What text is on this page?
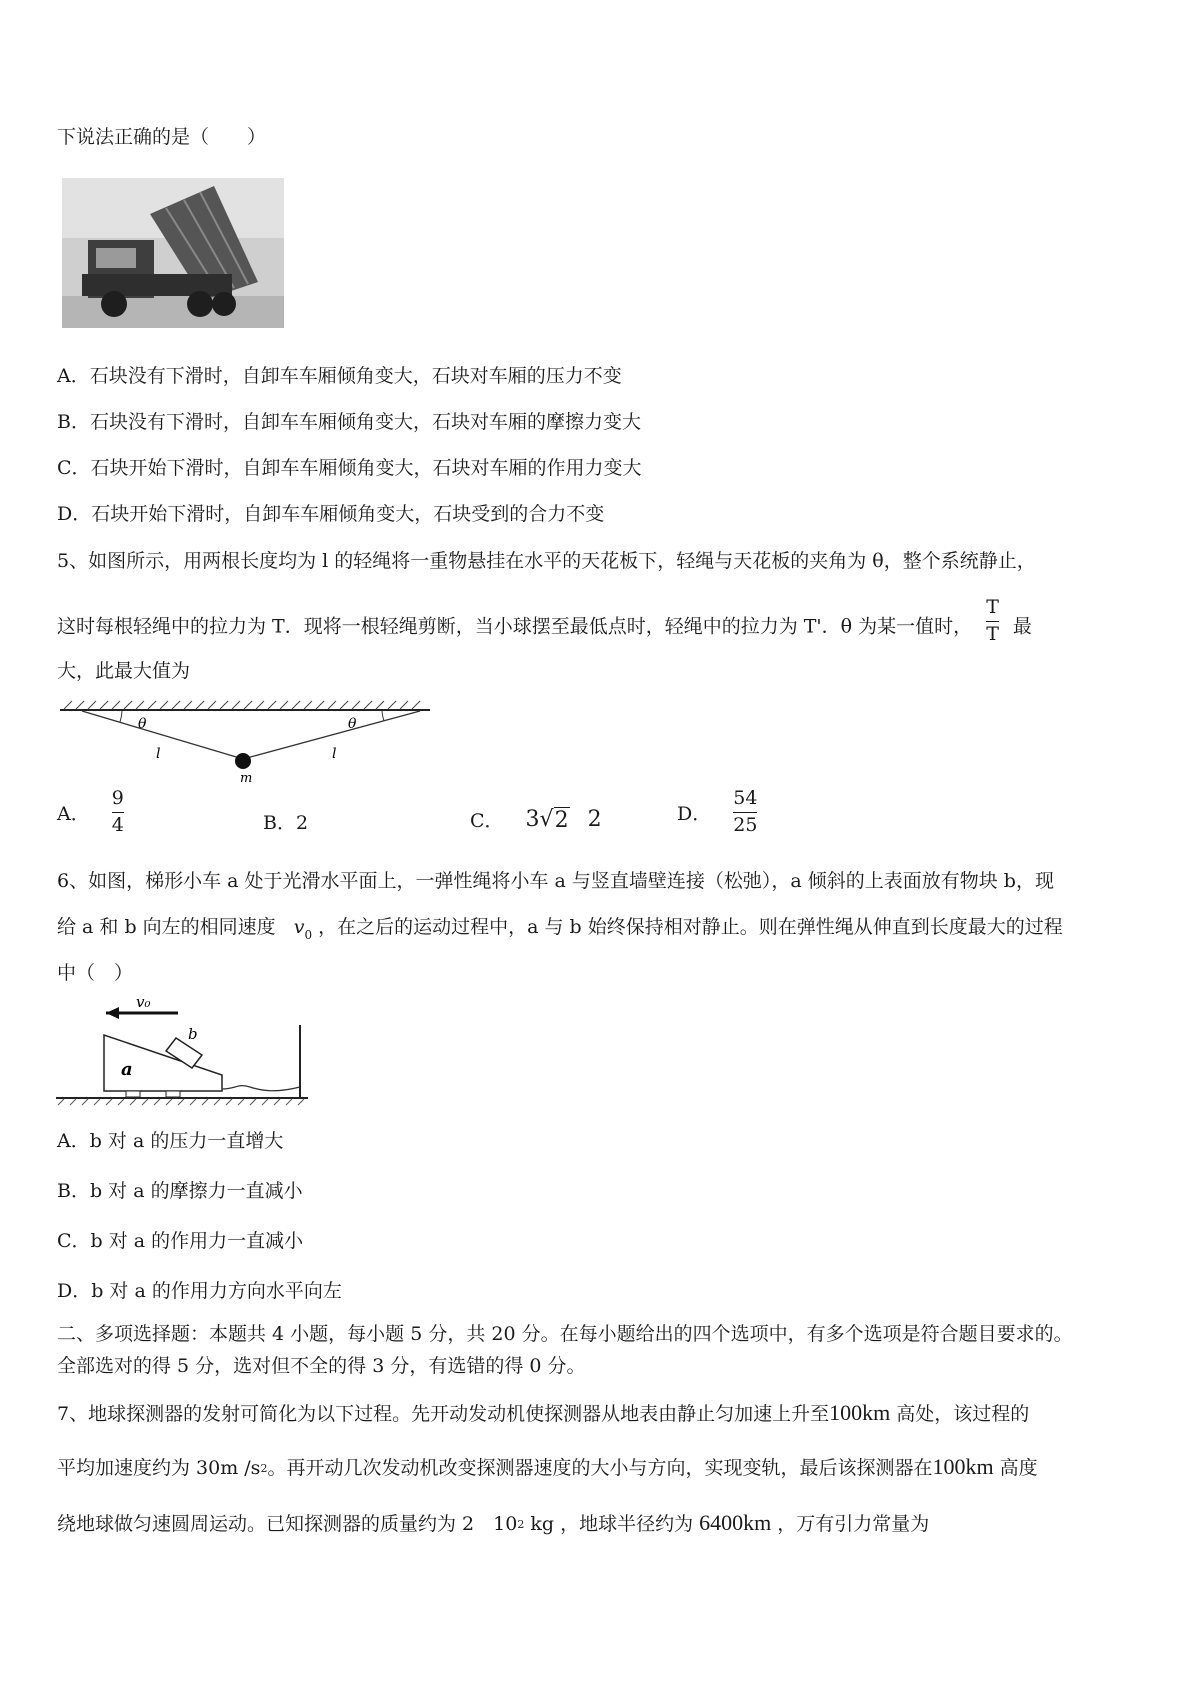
下说法正确的是（　　）
A．石块没有下滑时，自卸车车厢倾角变大，石块对车厢的压力不变
B．石块没有下滑时，自卸车车厢倾角变大，石块对车厢的摩擦力变大
C．石块开始下滑时，自卸车车厢倾角变大，石块对车厢的作用力变大
D．石块开始下滑时，自卸车车厢倾角变大，石块受到的合力不变
5、如图所示，用两根长度均为 l 的轻绳将一重物悬挂在水平的天花板下，轻绳与天花板的夹角为 θ，整个系统静止，
这时每根轻绳中的拉力为 T．现将一根轻绳剪断，当小球摆至最低点时，轻绳中的拉力为 T'．θ 为某一值时， $\frac{T}{T}$ 最
大，此最大值为
θ	θ
l	l
m
A． $\frac{9}{4}$	B．2	C． 3 √ 2 2	D． $\frac{54}{25}$
6、如图，梯形小车 a 处于光滑水平面上，一弹性绳将小车 a 与竖直墙壁连接（松弛），a 倾斜的上表面放有物块 b，现
给 a 和 b 向左的相同速度 $v_0$ ，在之后的运动过程中，a 与 b 始终保持相对静止。则在弹性绳从伸直到长度最大的过程
中（　）
v₀
a
b
A．b 对 a 的压力一直增大
B．b 对 a 的摩擦力一直减小
C．b 对 a 的作用力一直减小
D．b 对 a 的作用力方向水平向左
二、多项选择题：本题共 4 小题，每小题 5 分，共 20 分。在每小题给出的四个选项中，有多个选项是符合题目要求的。
全部选对的得 5 分，选对但不全的得 3 分，有选错的得 0 分。
7、地球探测器的发射可简化为以下过程。先开动发动机使探测器从地表由静止匀加速上升至100km 高处，该过程的
平均加速度约为 30m /s2。再开动几次发动机改变探测器速度的大小与方向，实现变轨，最后该探测器在100km 高度
绕地球做匀速圆周运动。已知探测器的质量约为 2　102 kg ，地球半径约为 6400km ，万有引力常量为
